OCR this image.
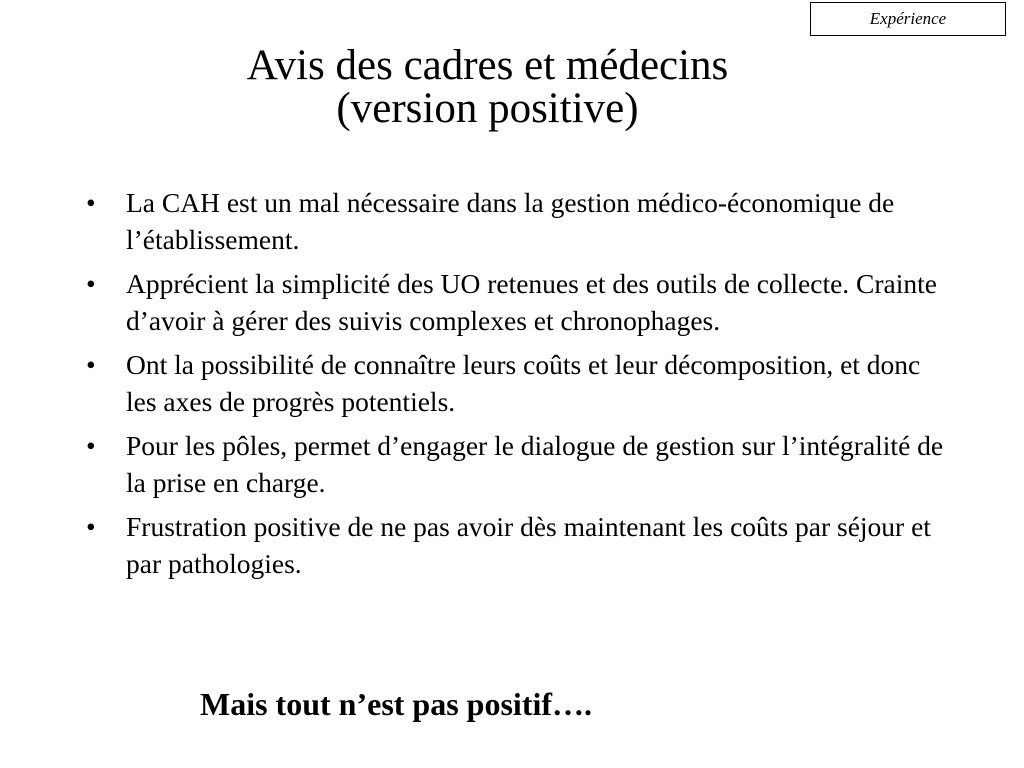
Expérience
Avis des cadres et médecins
(version positive)
• La CAH est un mal nécessaire dans la gestion médico-économique de l’établissement.
• Apprécient la simplicité des UO retenues et des outils de collecte. Crainte d’avoir à gérer des suivis complexes et chronophages.
• Ont la possibilité de connaître leurs coûts et leur décomposition, et donc les axes de progrès potentiels.
• Pour les pôles, permet d’engager le dialogue de gestion sur l’intégralité de la prise en charge.
• Frustration positive de ne pas avoir dès maintenant les coûts par séjour et par pathologies.

Mais tout n’est pas positif….
